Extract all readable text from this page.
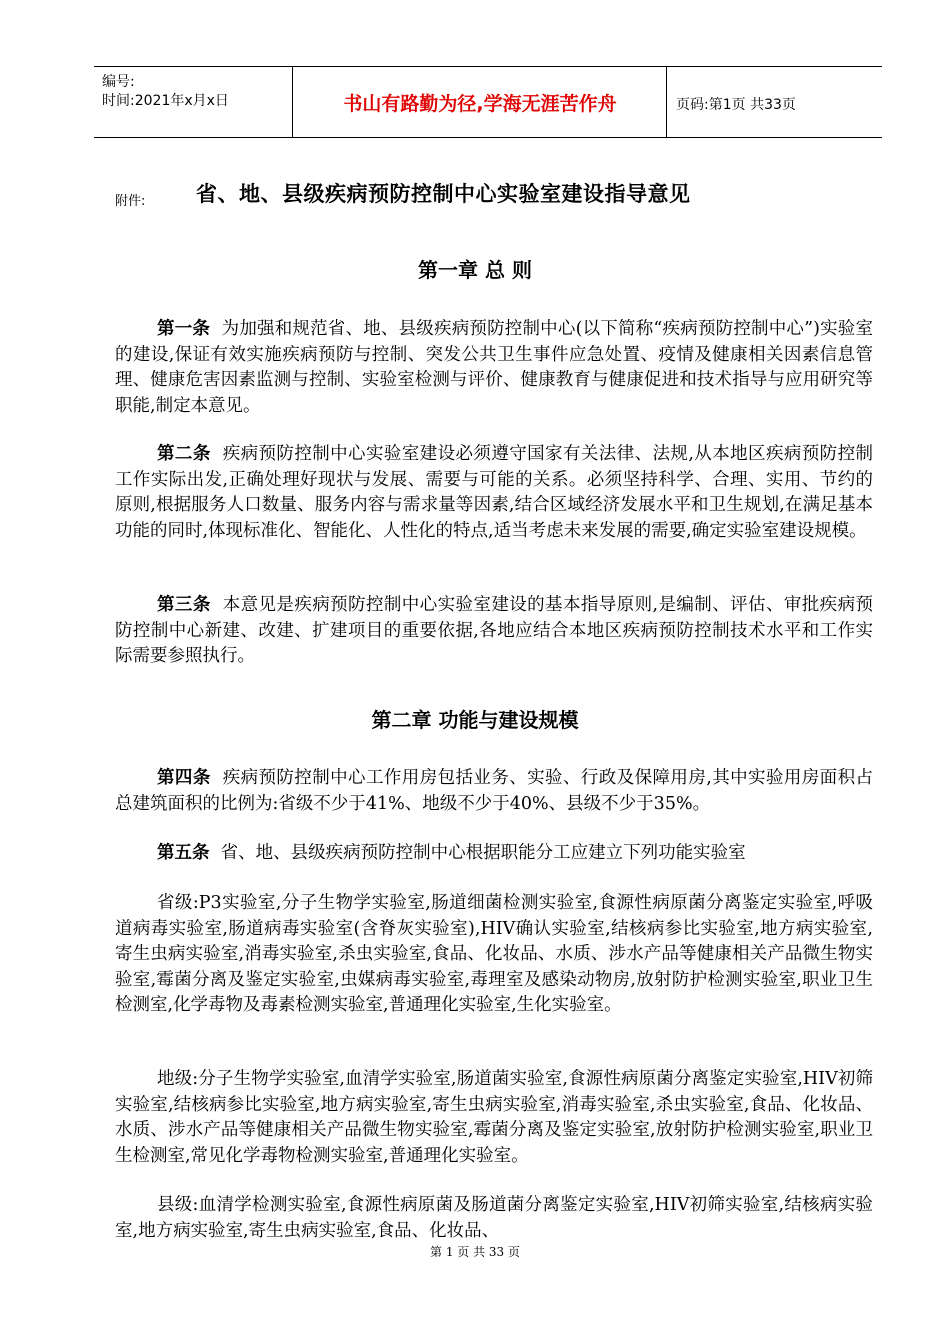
编号:
时间:2021年x月x日	书山有路勤为径,学海无涯苦作舟	页码:第1页 共33页
附件: 省、地、县级疾病预防控制中心实验室建设指导意见
第一章 总 则

第一条 为加强和规范省、地、县级疾病预防控制中心(以下简称“疾病预防控制中心”)实验室的建设,保证有效实施疾病预防与控制、突发公共卫生事件应急处置、疫情及健康相关因素信息管理、健康危害因素监测与控制、实验室检测与评价、健康教育与健康促进和技术指导与应用研究等职能,制定本意见。

第二条 疾病预防控制中心实验室建设必须遵守国家有关法律、法规,从本地区疾病预防控制工作实际出发,正确处理好现状与发展、需要与可能的关系。必须坚持科学、合理、实用、节约的原则,根据服务人口数量、服务内容与需求量等因素,结合区域经济发展水平和卫生规划,在满足基本功能的同时,体现标准化、智能化、人性化的特点,适当考虑未来发展的需要,确定实验室建设规模。

第三条 本意见是疾病预防控制中心实验室建设的基本指导原则,是编制、评估、审批疾病预防控制中心新建、改建、扩建项目的重要依据,各地应结合本地区疾病预防控制技术水平和工作实际需要参照执行。

第二章 功能与建设规模

第四条 疾病预防控制中心工作用房包括业务、实验、行政及保障用房,其中实验用房面积占总建筑面积的比例为:省级不少于41%、地级不少于40%、县级不少于35%。

第五条 省、地、县级疾病预防控制中心根据职能分工应建立下列功能实验室

省级:P3实验室,分子生物学实验室,肠道细菌检测实验室,食源性病原菌分离鉴定实验室,呼吸道病毒实验室,肠道病毒实验室(含脊灰实验室),HIV确认实验室,结核病参比实验室,地方病实验室,寄生虫病实验室,消毒实验室,杀虫实验室,食品、化妆品、水质、涉水产品等健康相关产品微生物实验室,霉菌分离及鉴定实验室,虫媒病毒实验室,毒理室及感染动物房,放射防护检测实验室,职业卫生检测室,化学毒物及毒素检测实验室,普通理化实验室,生化实验室。

地级:分子生物学实验室,血清学实验室,肠道菌实验室,食源性病原菌分离鉴定实验室,HIV初筛实验室,结核病参比实验室,地方病实验室,寄生虫病实验室,消毒实验室,杀虫实验室,食品、化妆品、水质、涉水产品等健康相关产品微生物实验室,霉菌分离及鉴定实验室,放射防护检测实验室,职业卫生检测室,常见化学毒物检测实验室,普通理化实验室。

县级:血清学检测实验室,食源性病原菌及肠道菌分离鉴定实验室,HIV初筛实验室,结核病实验室,地方病实验室,寄生虫病实验室,食品、化妆品、

第 1 页 共 33 页
